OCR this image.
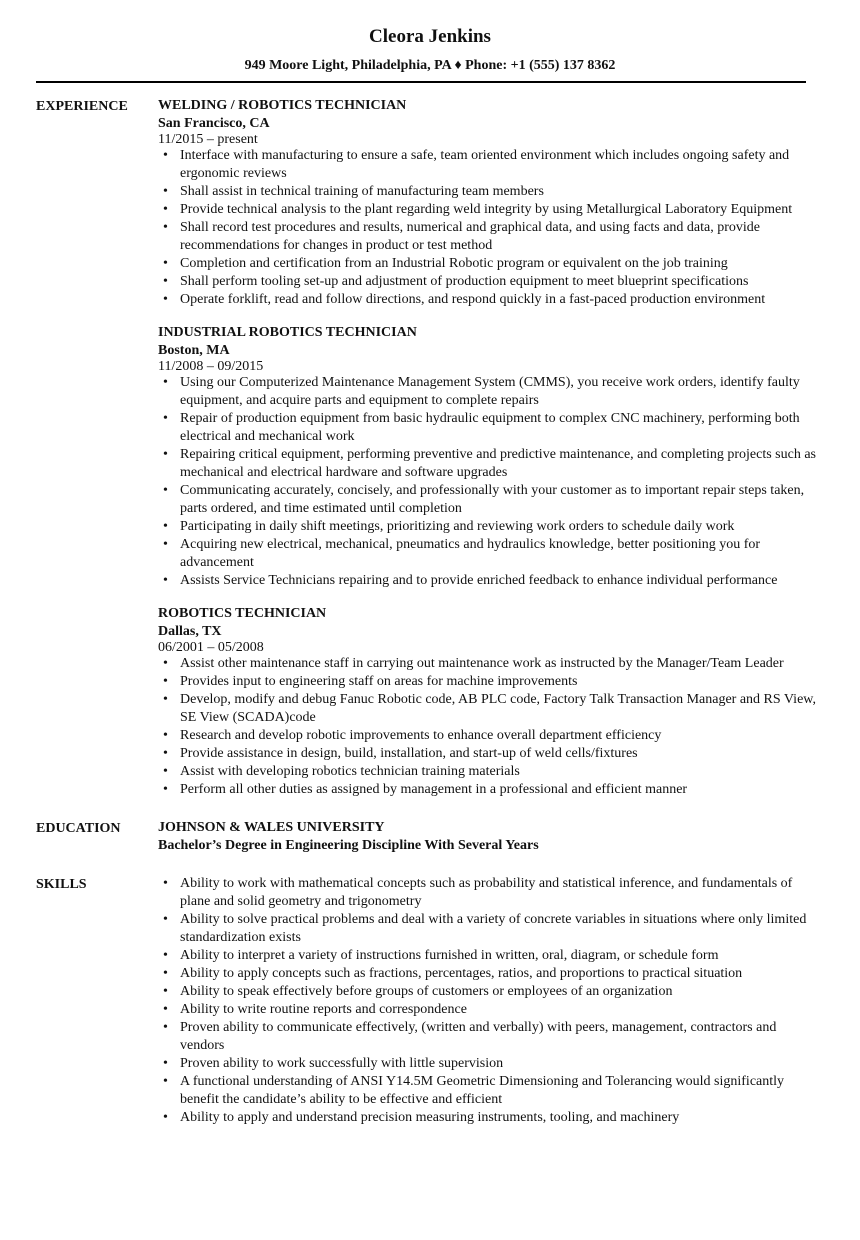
Cleora Jenkins
949 Moore Light, Philadelphia, PA ♦ Phone: +1 (555) 137 8362
EXPERIENCE	WELDING / ROBOTICS TECHNICIAN
San Francisco, CA
11/2015 – present
• Interface with manufacturing to ensure a safe, team oriented environment which includes ongoing safety and ergonomic reviews
• Shall assist in technical training of manufacturing team members
• Provide technical analysis to the plant regarding weld integrity by using Metallurgical Laboratory Equipment
• Shall record test procedures and results, numerical and graphical data, and using facts and data, provide recommendations for changes in product or test method
• Completion and certification from an Industrial Robotic program or equivalent on the job training
• Shall perform tooling set-up and adjustment of production equipment to meet blueprint specifications
• Operate forklift, read and follow directions, and respond quickly in a fast-paced production environment
INDUSTRIAL ROBOTICS TECHNICIAN
Boston, MA
11/2008 – 09/2015
• Using our Computerized Maintenance Management System (CMMS), you receive work orders, identify faulty equipment, and acquire parts and equipment to complete repairs
• Repair of production equipment from basic hydraulic equipment to complex CNC machinery, performing both electrical and mechanical work
• Repairing critical equipment, performing preventive and predictive maintenance, and completing projects such as mechanical and electrical hardware and software upgrades
• Communicating accurately, concisely, and professionally with your customer as to important repair steps taken, parts ordered, and time estimated until completion
• Participating in daily shift meetings, prioritizing and reviewing work orders to schedule daily work
• Acquiring new electrical, mechanical, pneumatics and hydraulics knowledge, better positioning you for advancement
• Assists Service Technicians repairing and to provide enriched feedback to enhance individual performance
ROBOTICS TECHNICIAN
Dallas, TX
06/2001 – 05/2008
• Assist other maintenance staff in carrying out maintenance work as instructed by the Manager/Team Leader
• Provides input to engineering staff on areas for machine improvements
• Develop, modify and debug Fanuc Robotic code, AB PLC code, Factory Talk Transaction Manager and RS View, SE View (SCADA)code
• Research and develop robotic improvements to enhance overall department efficiency
• Provide assistance in design, build, installation, and start-up of weld cells/fixtures
• Assist with developing robotics technician training materials
• Perform all other duties as assigned by management in a professional and efficient manner
EDUCATION	JOHNSON & WALES UNIVERSITY
Bachelor’s Degree in Engineering Discipline With Several Years
SKILLS	• Ability to work with mathematical concepts such as probability and statistical inference, and fundamentals of plane and solid geometry and trigonometry
• Ability to solve practical problems and deal with a variety of concrete variables in situations where only limited standardization exists
• Ability to interpret a variety of instructions furnished in written, oral, diagram, or schedule form
• Ability to apply concepts such as fractions, percentages, ratios, and proportions to practical situation
• Ability to speak effectively before groups of customers or employees of an organization
• Ability to write routine reports and correspondence
• Proven ability to communicate effectively, (written and verbally) with peers, management, contractors and vendors
• Proven ability to work successfully with little supervision
• A functional understanding of ANSI Y14.5M Geometric Dimensioning and Tolerancing would significantly benefit the candidate’s ability to be effective and efficient
• Ability to apply and understand precision measuring instruments, tooling, and machinery
